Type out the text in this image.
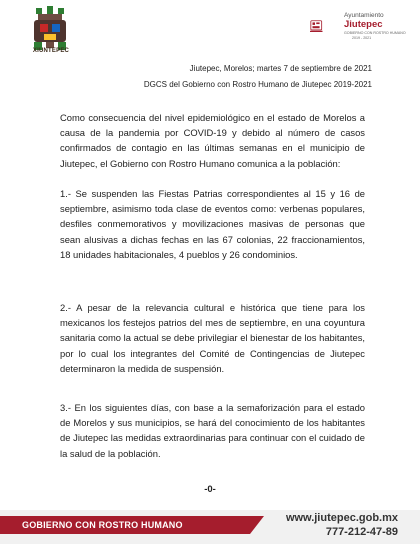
XIUNTEPEC
Ayuntamiento
Jiutepec
GOBIERNO CON ROSTRO HUMANO
2019 - 2021
Jiutepec, Morelos; martes 7 de septiembre de 2021
DGCS del Gobierno con Rostro Humano de Jiutepec 2019-2021
Como consecuencia del nivel epidemiológico en el estado de Morelos a causa de la pandemia por COVID-19 y debido al número de casos confirmados de contagio en las últimas semanas en el municipio de Jiutepec, el Gobierno con Rostro Humano comunica a la población:
1.- Se suspenden las Fiestas Patrias correspondientes al 15 y 16 de septiembre, asimismo toda clase de eventos como: verbenas populares, desfiles conmemorativos y movilizaciones masivas de personas que sean alusivas a dichas fechas en las 67 colonias, 22 fraccionamientos, 18 unidades habitacionales, 4 pueblos y 26 condominios.
2.- A pesar de la relevancia cultural e histórica que tiene para los mexicanos los festejos patrios del mes de septiembre, en una coyuntura sanitaria como la actual se debe privilegiar el bienestar de los habitantes, por lo cual los integrantes del Comité de Contingencias de Jiutepec determinaron la medida de suspensión.
3.- En los siguientes días, con base a la semaforización para el estado de Morelos y sus municipios, se hará del conocimiento de los habitantes de Jiutepec las medidas extraordinarias para continuar con el cuidado de la salud de la población.
-0-
GOBIERNO CON ROSTRO HUMANO
www.jiutepec.gob.mx
777-212-47-89
